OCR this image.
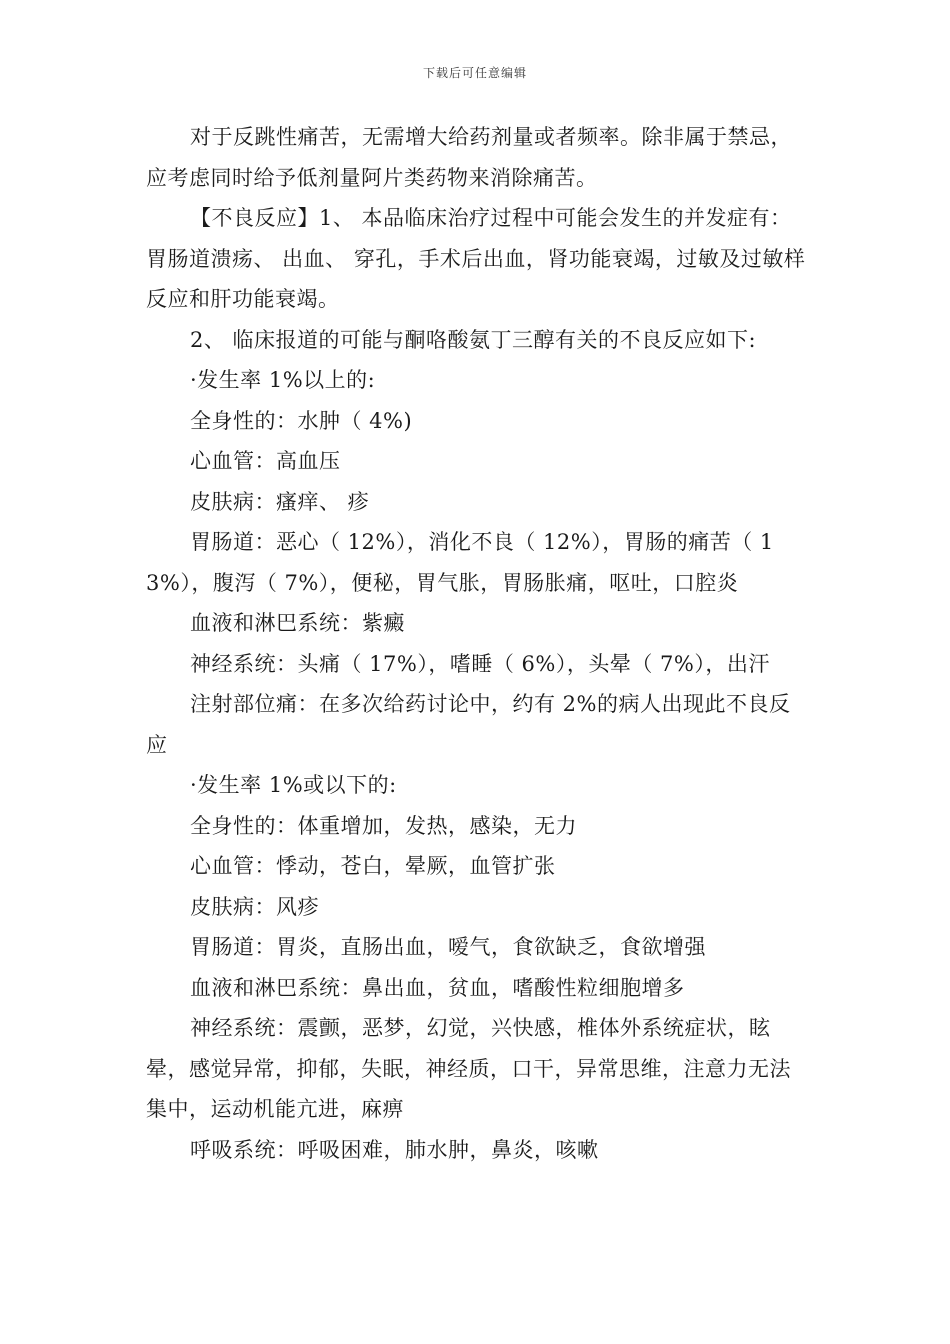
下载后可任意编辑

对于反跳性痛苦，无需增大给药剂量或者频率。除非属于禁忌，应考虑同时给予低剂量阿片类药物来消除痛苦。

【不良反应】1、 本品临床治疗过程中可能会发生的并发症有：胃肠道溃疡、 出血、 穿孔，手术后出血，肾功能衰竭，过敏及过敏样反应和肝功能衰竭。

2、 临床报道的可能与酮咯酸氨丁三醇有关的不良反应如下:

·发生率 1%以上的:

全身性的：水肿（ 4%)

心血管：高血压

皮肤病：瘙痒、 疹

胃肠道：恶心（ 12%），消化不良（ 12%），胃肠的痛苦（ 13%），腹泻（ 7%），便秘，胃气胀，胃肠胀痛，呕吐，口腔炎

血液和淋巴系统：紫癜

神经系统：头痛（ 17%），嗜睡（ 6%），头晕（ 7%），出汗

注射部位痛：在多次给药讨论中，约有 2%的病人出现此不良反应

·发生率 1%或以下的:

全身性的：体重增加，发热，感染，无力

心血管：悸动，苍白，晕厥，血管扩张

皮肤病：风疹

胃肠道：胃炎，直肠出血，嗳气，食欲缺乏，食欲增强

血液和淋巴系统：鼻出血，贫血，嗜酸性粒细胞增多

神经系统：震颤，恶梦，幻觉，兴快感，椎体外系统症状，眩晕，感觉异常，抑郁，失眠，神经质，口干，异常思维，注意力无法集中，运动机能亢进，麻痹

呼吸系统：呼吸困难，肺水肿，鼻炎，咳嗽
